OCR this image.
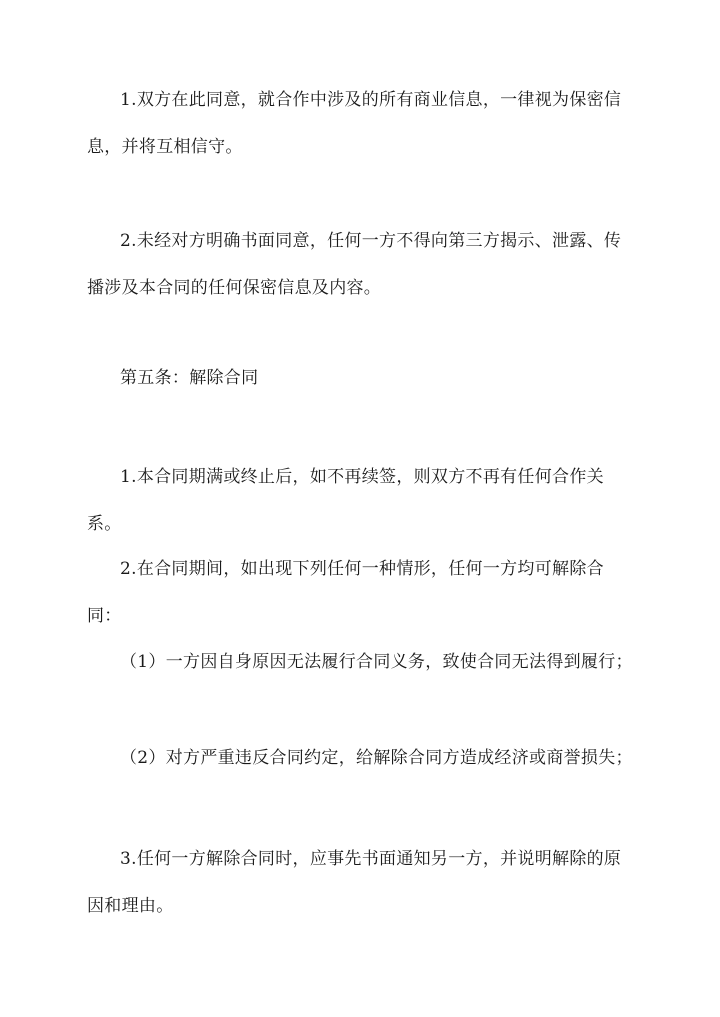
1.双方在此同意，就合作中涉及的所有商业信息，一律视为保密信息，并将互相信守。

2.未经对方明确书面同意，任何一方不得向第三方揭示、泄露、传播涉及本合同的任何保密信息及内容。

第五条：解除合同

1.本合同期满或终止后，如不再续签，则双方不再有任何合作关系。

2.在合同期间，如出现下列任何一种情形，任何一方均可解除合同：

（1）一方因自身原因无法履行合同义务，致使合同无法得到履行；

（2）对方严重违反合同约定，给解除合同方造成经济或商誉损失；

3.任何一方解除合同时，应事先书面通知另一方，并说明解除的原因和理由。
